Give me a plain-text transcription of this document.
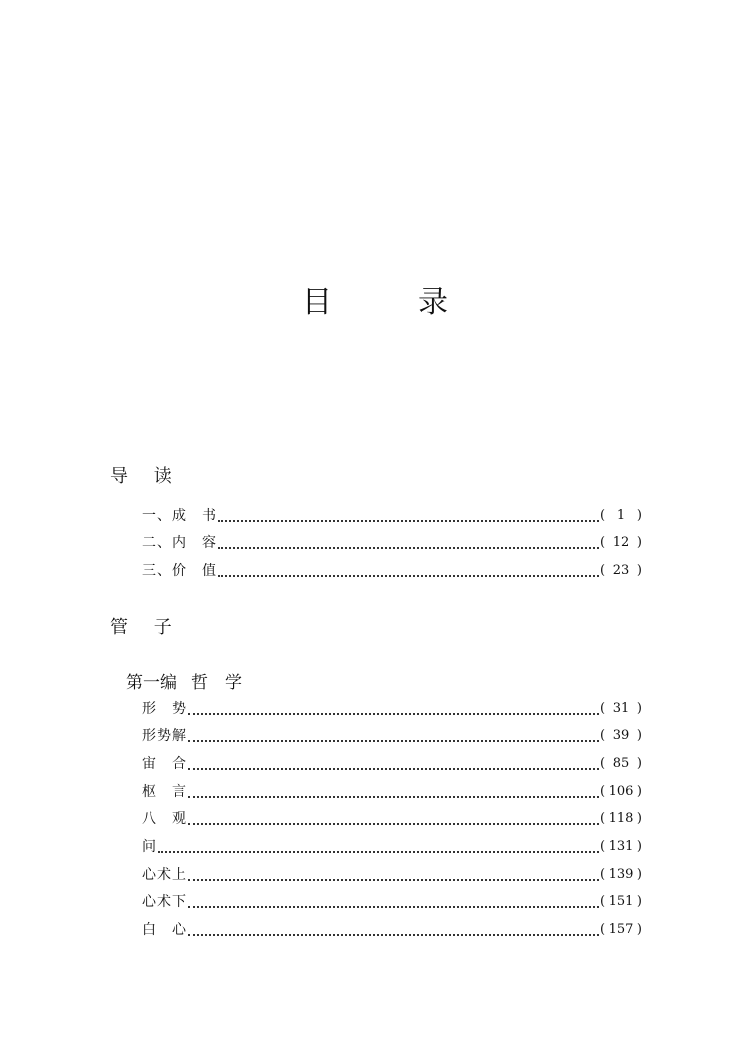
目　录
导 读
一、成　书	( 1 )
二、内　容	( 12 )
三、价　值	( 23 )
管 子
第一编 哲　学
形　势	( 31 )
形势解	( 39 )
宙　合	( 85 )
枢　言	( 106 )
八　观	( 118 )
问	( 131 )
心术上	( 139 )
心术下	( 151 )
白　心	( 157 )
